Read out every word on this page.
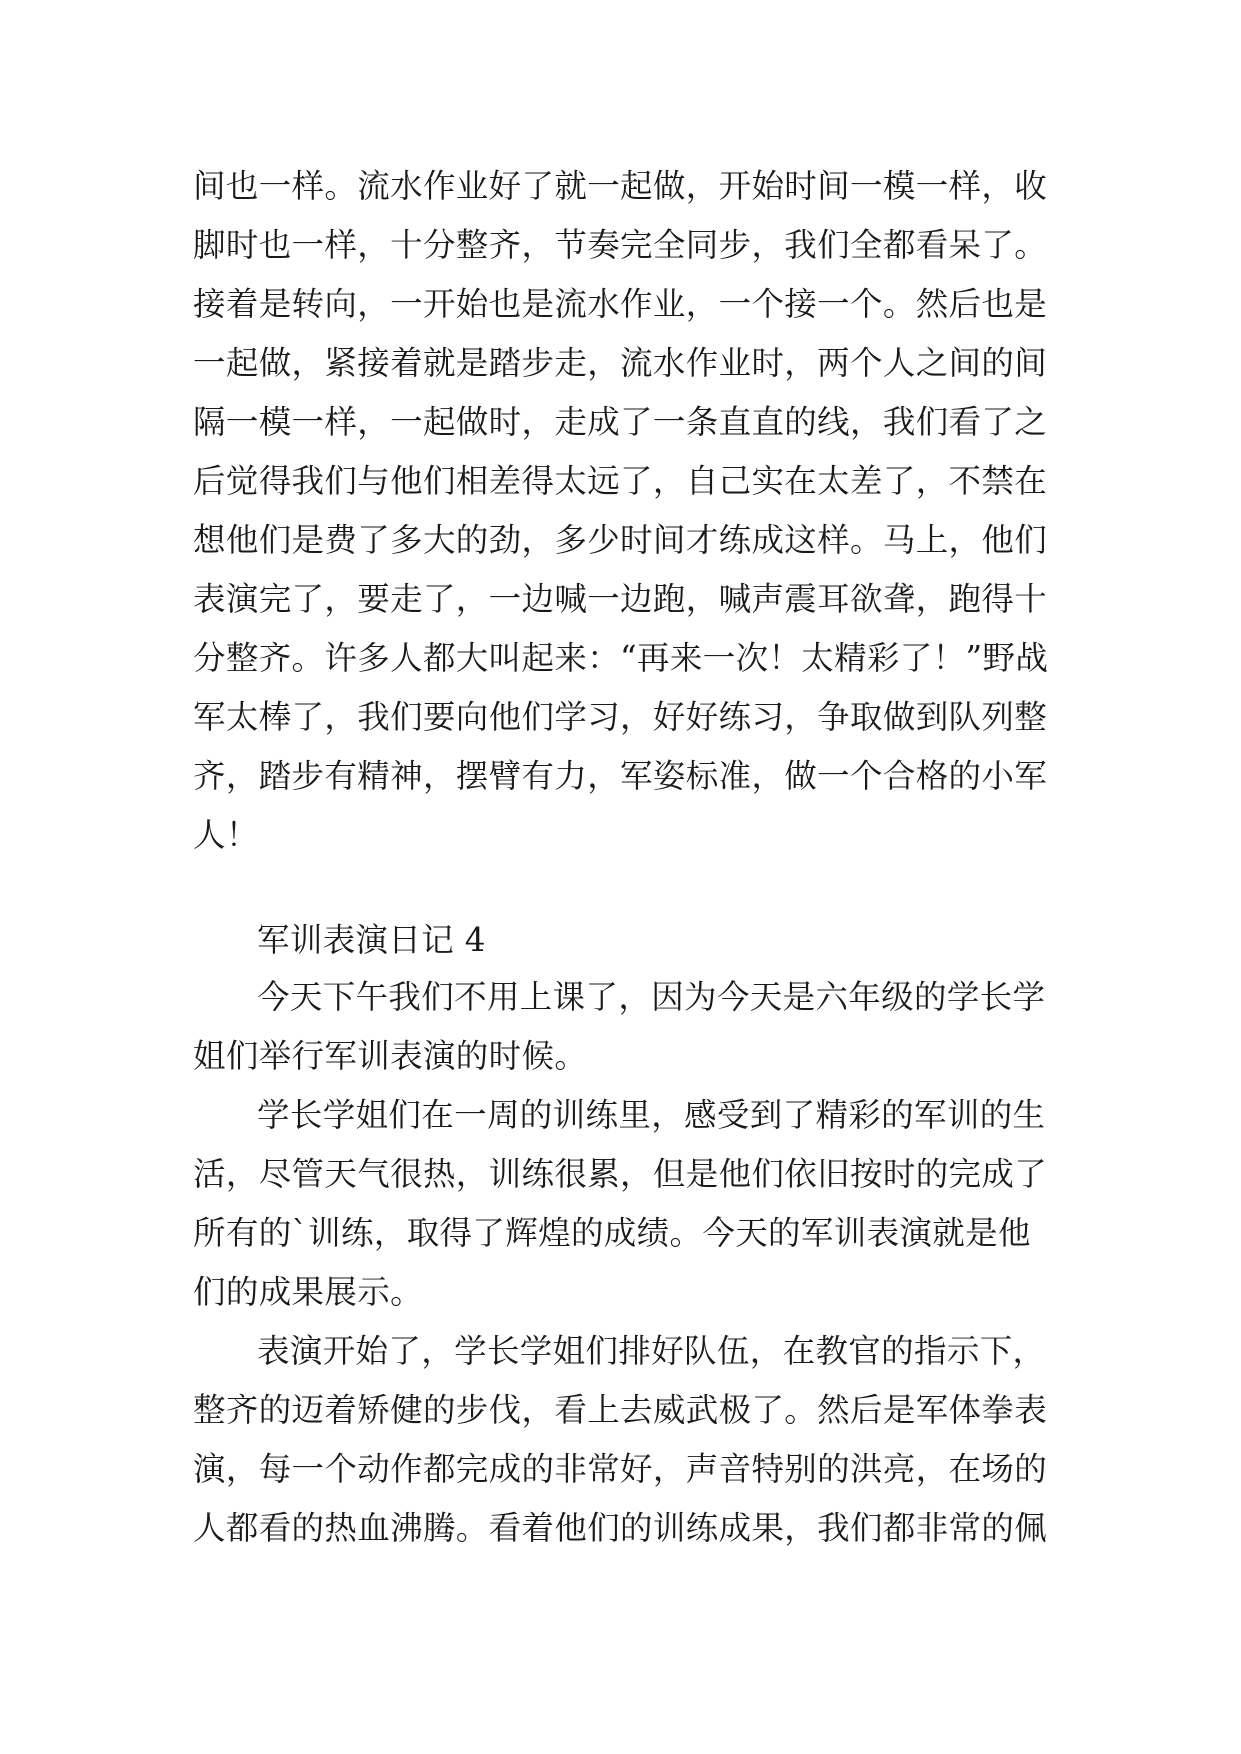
间也一样。流水作业好了就一起做，开始时间一模一样，收
脚时也一样，十分整齐，节奏完全同步，我们全都看呆了。
接着是转向，一开始也是流水作业，一个接一个。然后也是
一起做，紧接着就是踏步走，流水作业时，两个人之间的间
隔一模一样，一起做时，走成了一条直直的线，我们看了之
后觉得我们与他们相差得太远了，自己实在太差了，不禁在
想他们是费了多大的劲，多少时间才练成这样。马上，他们
表演完了，要走了，一边喊一边跑，喊声震耳欲聋，跑得十
分整齐。许多人都大叫起来：“再来一次！太精彩了！”野战
军太棒了，我们要向他们学习，好好练习，争取做到队列整
齐，踏步有精神，摆臂有力，军姿标准，做一个合格的小军
人！
军训表演日记 4
今天下午我们不用上课了，因为今天是六年级的学长学
姐们举行军训表演的时候。
学长学姐们在一周的训练里，感受到了精彩的军训的生
活，尽管天气很热，训练很累，但是他们依旧按时的完成了
所有的`训练，取得了辉煌的成绩。今天的军训表演就是他
们的成果展示。
表演开始了，学长学姐们排好队伍，在教官的指示下，
整齐的迈着矫健的步伐，看上去威武极了。然后是军体拳表
演，每一个动作都完成的非常好，声音特别的洪亮，在场的
人都看的热血沸腾。看着他们的训练成果，我们都非常的佩
